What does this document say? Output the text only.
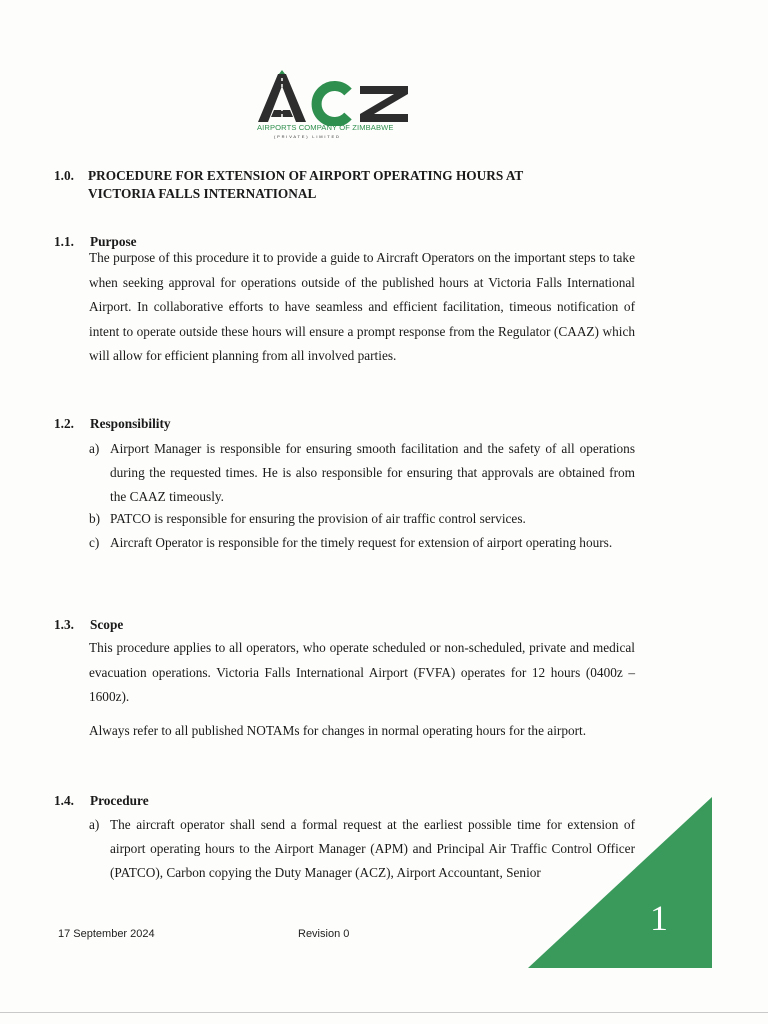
AIRPORTS COMPANY OF ZIMBABWE
(PRIVATE) LIMITED
1.0. PROCEDURE FOR EXTENSION OF AIRPORT OPERATING HOURS AT
VICTORIA FALLS INTERNATIONAL
1.1. Purpose
The purpose of this procedure it to provide a guide to Aircraft Operators on the important steps to take when seeking approval for operations outside of the published hours at Victoria Falls International Airport. In collaborative efforts to have seamless and efficient facilitation, timeous notification of intent to operate outside these hours will ensure a prompt response from the Regulator (CAAZ) which will allow for efficient planning from all involved parties.
1.2. Responsibility
a) Airport Manager is responsible for ensuring smooth facilitation and the safety of all operations during the requested times. He is also responsible for ensuring that approvals are obtained from the CAAZ timeously.
b) PATCO is responsible for ensuring the provision of air traffic control services.
c) Aircraft Operator is responsible for the timely request for extension of airport operating hours.
1.3. Scope
This procedure applies to all operators, who operate scheduled or non-scheduled, private and medical evacuation operations. Victoria Falls International Airport (FVFA) operates for 12 hours (0400z – 1600z).
Always refer to all published NOTAMs for changes in normal operating hours for the airport.
1.4. Procedure
a) The aircraft operator shall send a formal request at the earliest possible time for extension of airport operating hours to the Airport Manager (APM) and Principal Air Traffic Control Officer (PATCO), Carbon copying the Duty Manager (ACZ), Airport Accountant, Senior
1
17 September 2024	Revision 0
